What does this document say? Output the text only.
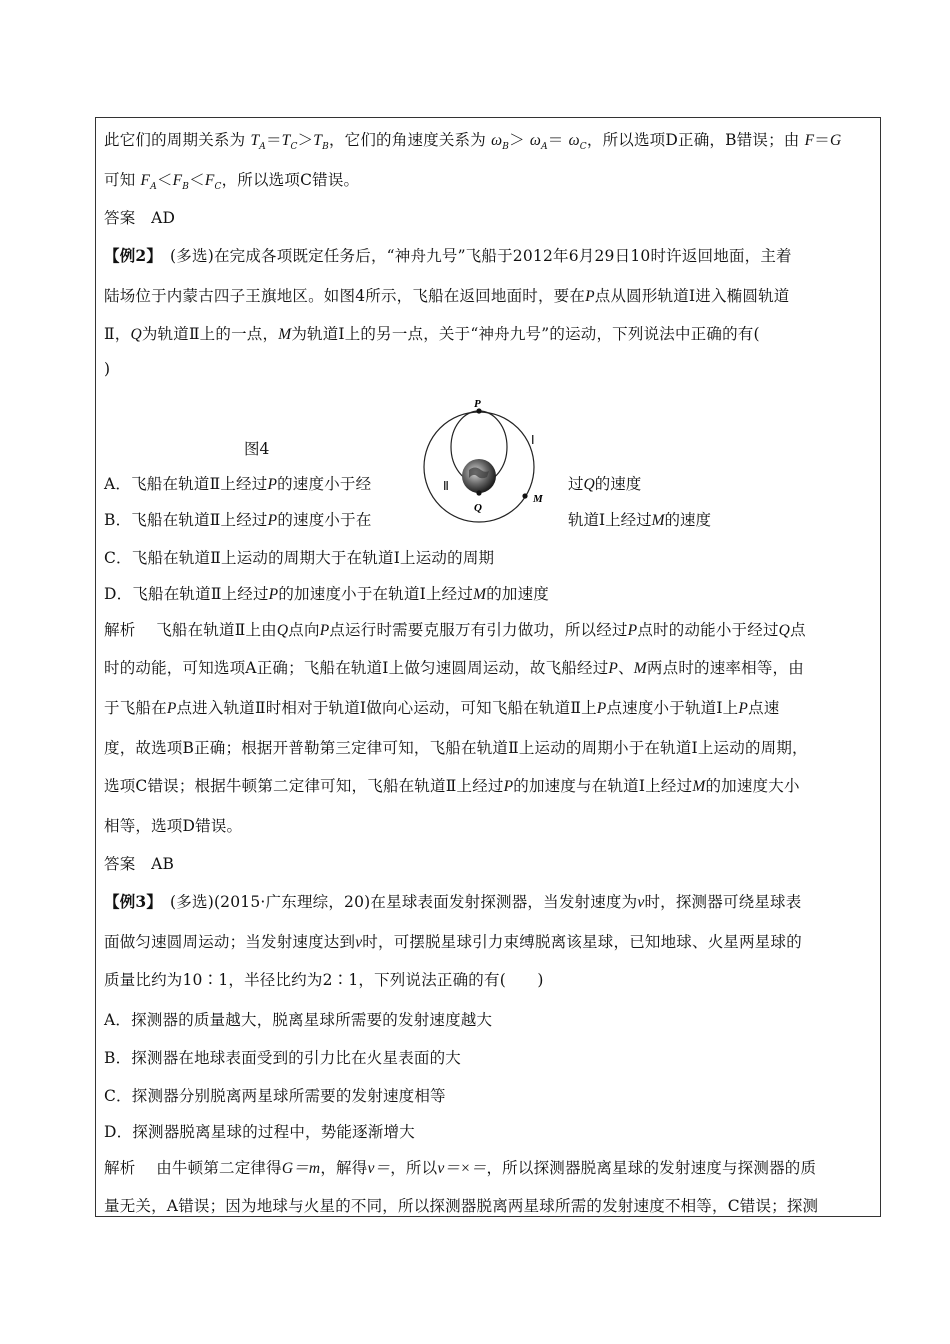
此它们的周期关系为 $T_A=T_C>T_B$，它们的角速度关系为 $\omega_B> \omega_A= \omega_C$，所以选项D正确，B错误；由 F＝G
可知 $F_A<F_B<F_C$，所以选项C错误。
答案　AD
【例2】　(多选)在完成各项既定任务后，“神舟九号”飞船于2012年6月29日10时许返回地面，主着
陆场位于内蒙古四子王旗地区。如图4所示，飞船在返回地面时，要在P点从圆形轨道Ⅰ进入椭圆轨道
Ⅱ，Q为轨道Ⅱ上的一点，M为轨道Ⅰ上的另一点，关于“神舟九号”的运动，下列说法中正确的有(
)
图4
P
Q
M
Ⅰ
Ⅱ
A．飞船在轨道Ⅱ上经过P的速度小于经	过Q的速度
B．飞船在轨道Ⅱ上经过P的速度小于在	轨道Ⅰ上经过M的速度
C．飞船在轨道Ⅱ上运动的周期大于在轨道Ⅰ上运动的周期
D．飞船在轨道Ⅱ上经过P的加速度小于在轨道Ⅰ上经过M的加速度
解析　 飞船在轨道Ⅱ上由Q点向P点运行时需要克服万有引力做功，所以经过P点时的动能小于经过Q点
时的动能，可知选项A正确；飞船在轨道Ⅰ上做匀速圆周运动，故飞船经过P、M两点时的速率相等，由
于飞船在P点进入轨道Ⅱ时相对于轨道Ⅰ做向心运动，可知飞船在轨道Ⅱ上P点速度小于轨道Ⅰ上P点速
度，故选项B正确；根据开普勒第三定律可知，飞船在轨道Ⅱ上运动的周期小于在轨道Ⅰ上运动的周期，
选项C错误；根据牛顿第二定律可知，飞船在轨道Ⅱ上经过P的加速度与在轨道Ⅰ上经过M的加速度大小
相等，选项D错误。
答案　AB
【例3】　(多选)(2015·广东理综，20)在星球表面发射探测器，当发射速度为v时，探测器可绕星球表
面做匀速圆周运动；当发射速度达到v时，可摆脱星球引力束缚脱离该星球，已知地球、火星两星球的
质量比约为10∶1，半径比约为2∶1，下列说法正确的有(　　)
A．探测器的质量越大，脱离星球所需要的发射速度越大
B．探测器在地球表面受到的引力比在火星表面的大
C．探测器分别脱离两星球所需要的发射速度相等
D．探测器脱离星球的过程中，势能逐渐增大
解析　 由牛顿第二定律得G＝m，解得v＝，所以v＝×＝，所以探测器脱离星球的发射速度与探测器的质
量无关，A错误；因为地球与火星的不同，所以探测器脱离两星球所需的发射速度不相等，C错误；探测
